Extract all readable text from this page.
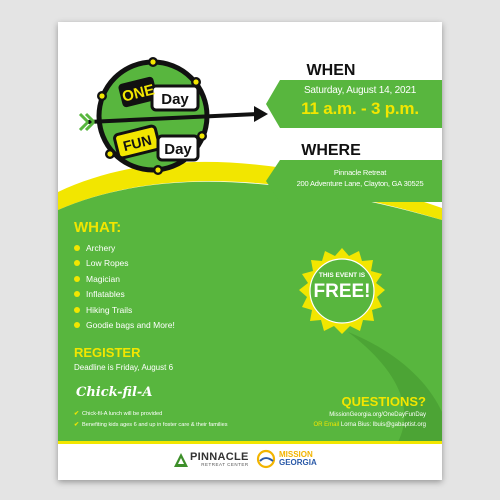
ONE Day
FUN Day
WHEN
Saturday, August 14, 2021
11 a.m. - 3 p.m.
WHERE
Pinnacle Retreat
200 Adventure Lane, Clayton, GA 30525
THIS EVENT IS
FREE!
WHAT:
Archery
Low Ropes
Magician
Inflatables
Hiking Trails
Goodie bags and More!
REGISTER
Deadline is Friday, August 6
Chick-fil-A
✔ Chick-fil-A lunch will be provided
✔ Benefiting kids ages 6 and up in foster care & their families
QUESTIONS?
MissionGeorgia.org/OneDayFunDay
OR Email Lorna Bius: lbuis@gabaptist.org
PINNACLE
RETREAT CENTER
MISSION
GEORGIA
